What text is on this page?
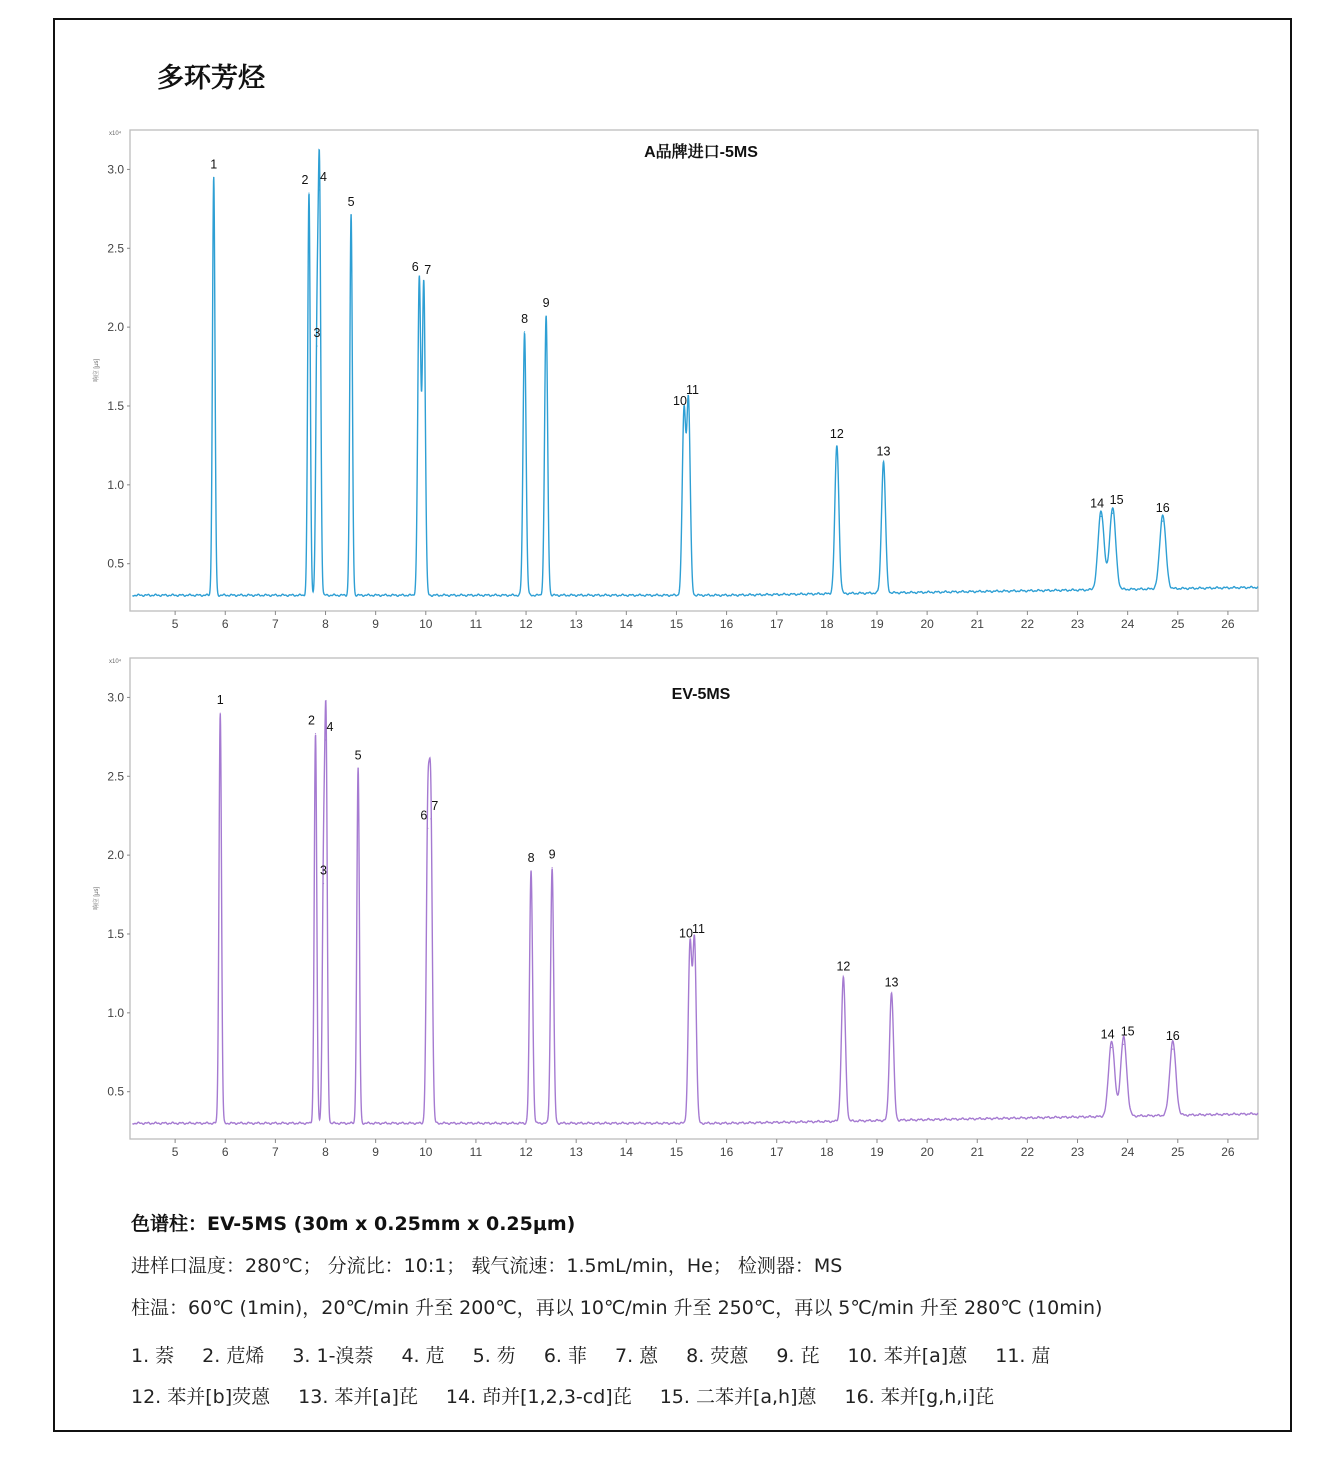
多环芳烃
A品牌进口-5MS
x10⁴
响应 [μs]
0.5
1.0
1.5
2.0
2.5
3.0
5	6	7	8	9	10	11	12	13	14	15	16	17	18	19	20	21	22	23	24	25	26
1
2
3
4
5
6 7
8
9
10
11
12
13
14 15
16
EV-5MS
x10⁴
响应 [μs]
0.5
1.0
1.5
2.0
2.5
3.0
5	6	7	8	9	10	11	12	13	14	15	16	17	18	19	20	21	22	23	24	25	26
1
2
3
4
5
6
7
8 9
10 11
12
13
14 15 16
色谱柱：EV-5MS (30m x 0.25mm x 0.25μm)
进样口温度：280℃； 分流比：10:1； 载气流速：1.5mL/min，He； 检测器：MS
柱温：60℃ (1min)，20℃/min 升至 200℃，再以 10℃/min 升至 250℃，再以 5℃/min 升至 280℃ (10min)
1. 萘 2. 苊烯 3. 1-溴萘 4. 苊 5. 芴 6. 菲 7. 蒽 8. 荧蒽 9. 芘 10. 苯并[a]蒽 11. 䓛
12. 苯并[b]荧蒽 13. 苯并[a]芘 14. 茚并[1,2,3-cd]芘 15. 二苯并[a,h]蒽 16. 苯并[g,h,i]芘
